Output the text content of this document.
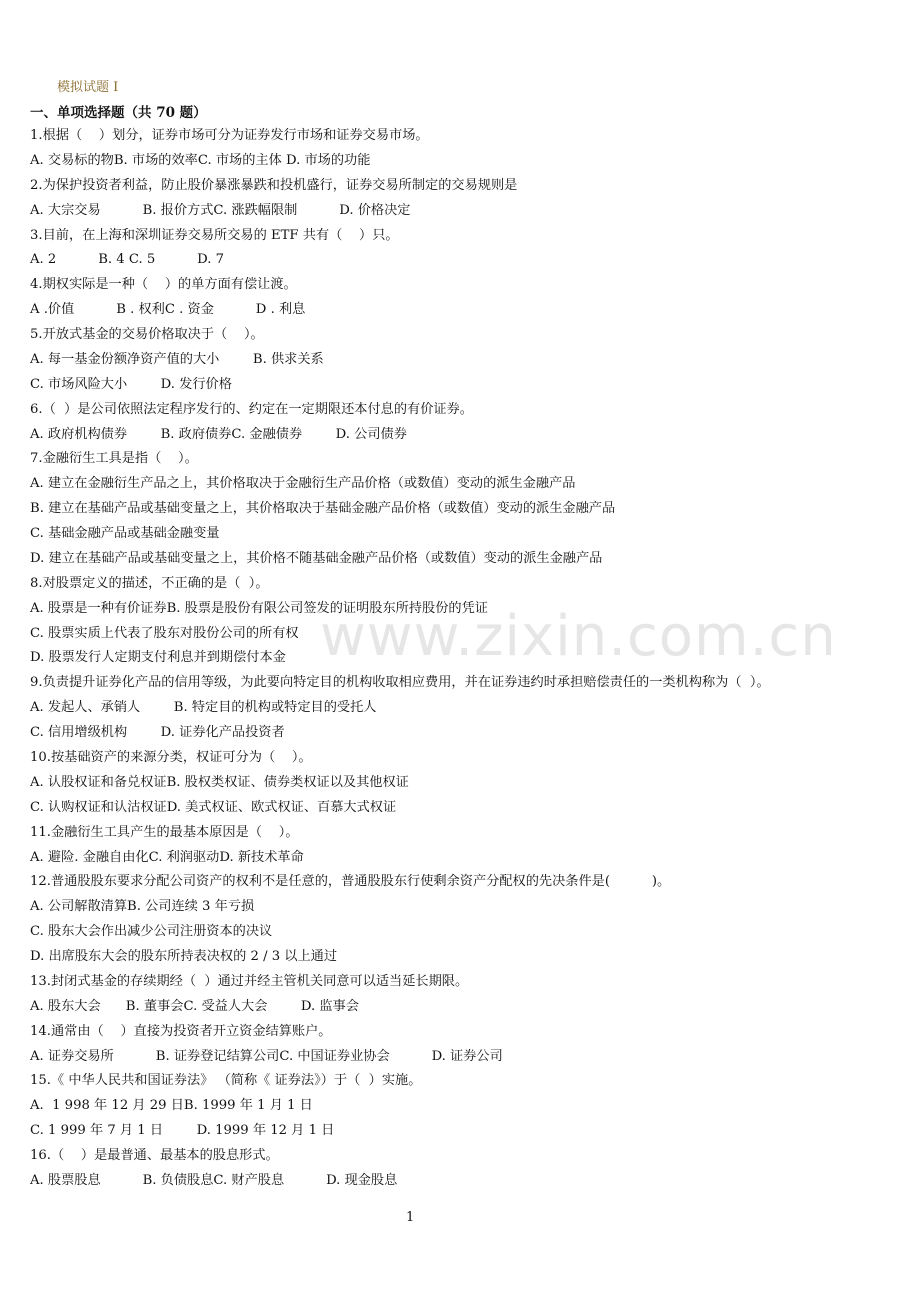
模拟试题 I
一、单项选择题（共 70 题）
1.根据（    ）划分，证券市场可分为证券发行市场和证券交易市场。
A. 交易标的物B. 市场的效率C. 市场的主体 D. 市场的功能
2.为保护投资者利益，防止股价暴涨暴跌和投机盛行，证券交易所制定的交易规则是
A. 大宗交易          B. 报价方式C. 涨跌幅限制          D. 价格决定
3.目前，在上海和深圳证券交易所交易的 ETF 共有（    ）只。
A. 2          B. 4 C. 5          D. 7
4.期权实际是一种（    ）的单方面有偿让渡。
A .价值          B . 权利C . 资金          D . 利息
5.开放式基金的交易价格取决于（    ）。
A. 每一基金份额净资产值的大小        B. 供求关系
C. 市场风险大小        D. 发行价格
6.（  ）是公司依照法定程序发行的、约定在一定期限还本付息的有价证券。
A. 政府机构债券        B. 政府债券C. 金融债券        D. 公司债券
7.金融衍生工具是指（    ）。
A. 建立在金融衍生产品之上，其价格取决于金融衍生产品价格（或数值）变动的派生金融产品
B. 建立在基础产品或基础变量之上，其价格取决于基础金融产品价格（或数值）变动的派生金融产品
C. 基础金融产品或基础金融变量
D. 建立在基础产品或基础变量之上，其价格不随基础金融产品价格（或数值）变动的派生金融产品
8.对股票定义的描述，不正确的是（  ）。
A. 股票是一种有价证券B. 股票是股份有限公司签发的证明股东所持股份的凭证
C. 股票实质上代表了股东对股份公司的所有权
D. 股票发行人定期支付利息并到期偿付本金
9.负责提升证券化产品的信用等级，为此要向特定目的机构收取相应费用，并在证券违约时承担赔偿责任的一类机构称为（  ）。
A. 发起人、承销人        B. 特定目的机构或特定目的受托人
C. 信用增级机构        D. 证券化产品投资者
10.按基础资产的来源分类，权证可分为（    ）。
A. 认股权证和备兑权证B. 股权类权证、债券类权证以及其他权证
C. 认购权证和认沽权证D. 美式权证、欧式权证、百慕大式权证
11.金融衍生工具产生的最基本原因是（    ）。
A. 避险. 金融自由化C. 利润驱动D. 新技术革命
12.普通股股东要求分配公司资产的权利不是任意的，普通股股东行使剩余资产分配权的先决条件是(          )。
A. 公司解散清算B. 公司连续 3 年亏损
C. 股东大会作出减少公司注册资本的决议
D. 出席股东大会的股东所持表决权的 2 / 3 以上通过
13.封闭式基金的存续期经（  ）通过并经主管机关同意可以适当延长期限。
A. 股东大会      B. 董事会C. 受益人大会        D. 监事会
14.通常由（    ）直接为投资者开立资金结算账户。
A. 证券交易所          B. 证券登记结算公司C. 中国证券业协会          D. 证券公司
15.《 中华人民共和国证券法》 （简称《 证券法》）于（  ）实施。
A.  1 998 年 12 月 29 日B. 1999 年 1 月 1 日
C. 1 999 年 7 月 1 日        D. 1999 年 12 月 1 日
16.（    ）是最普通、最基本的股息形式。
A. 股票股息          B. 负债股息C. 财产股息          D. 现金股息
www.zixin.com.cn
1
